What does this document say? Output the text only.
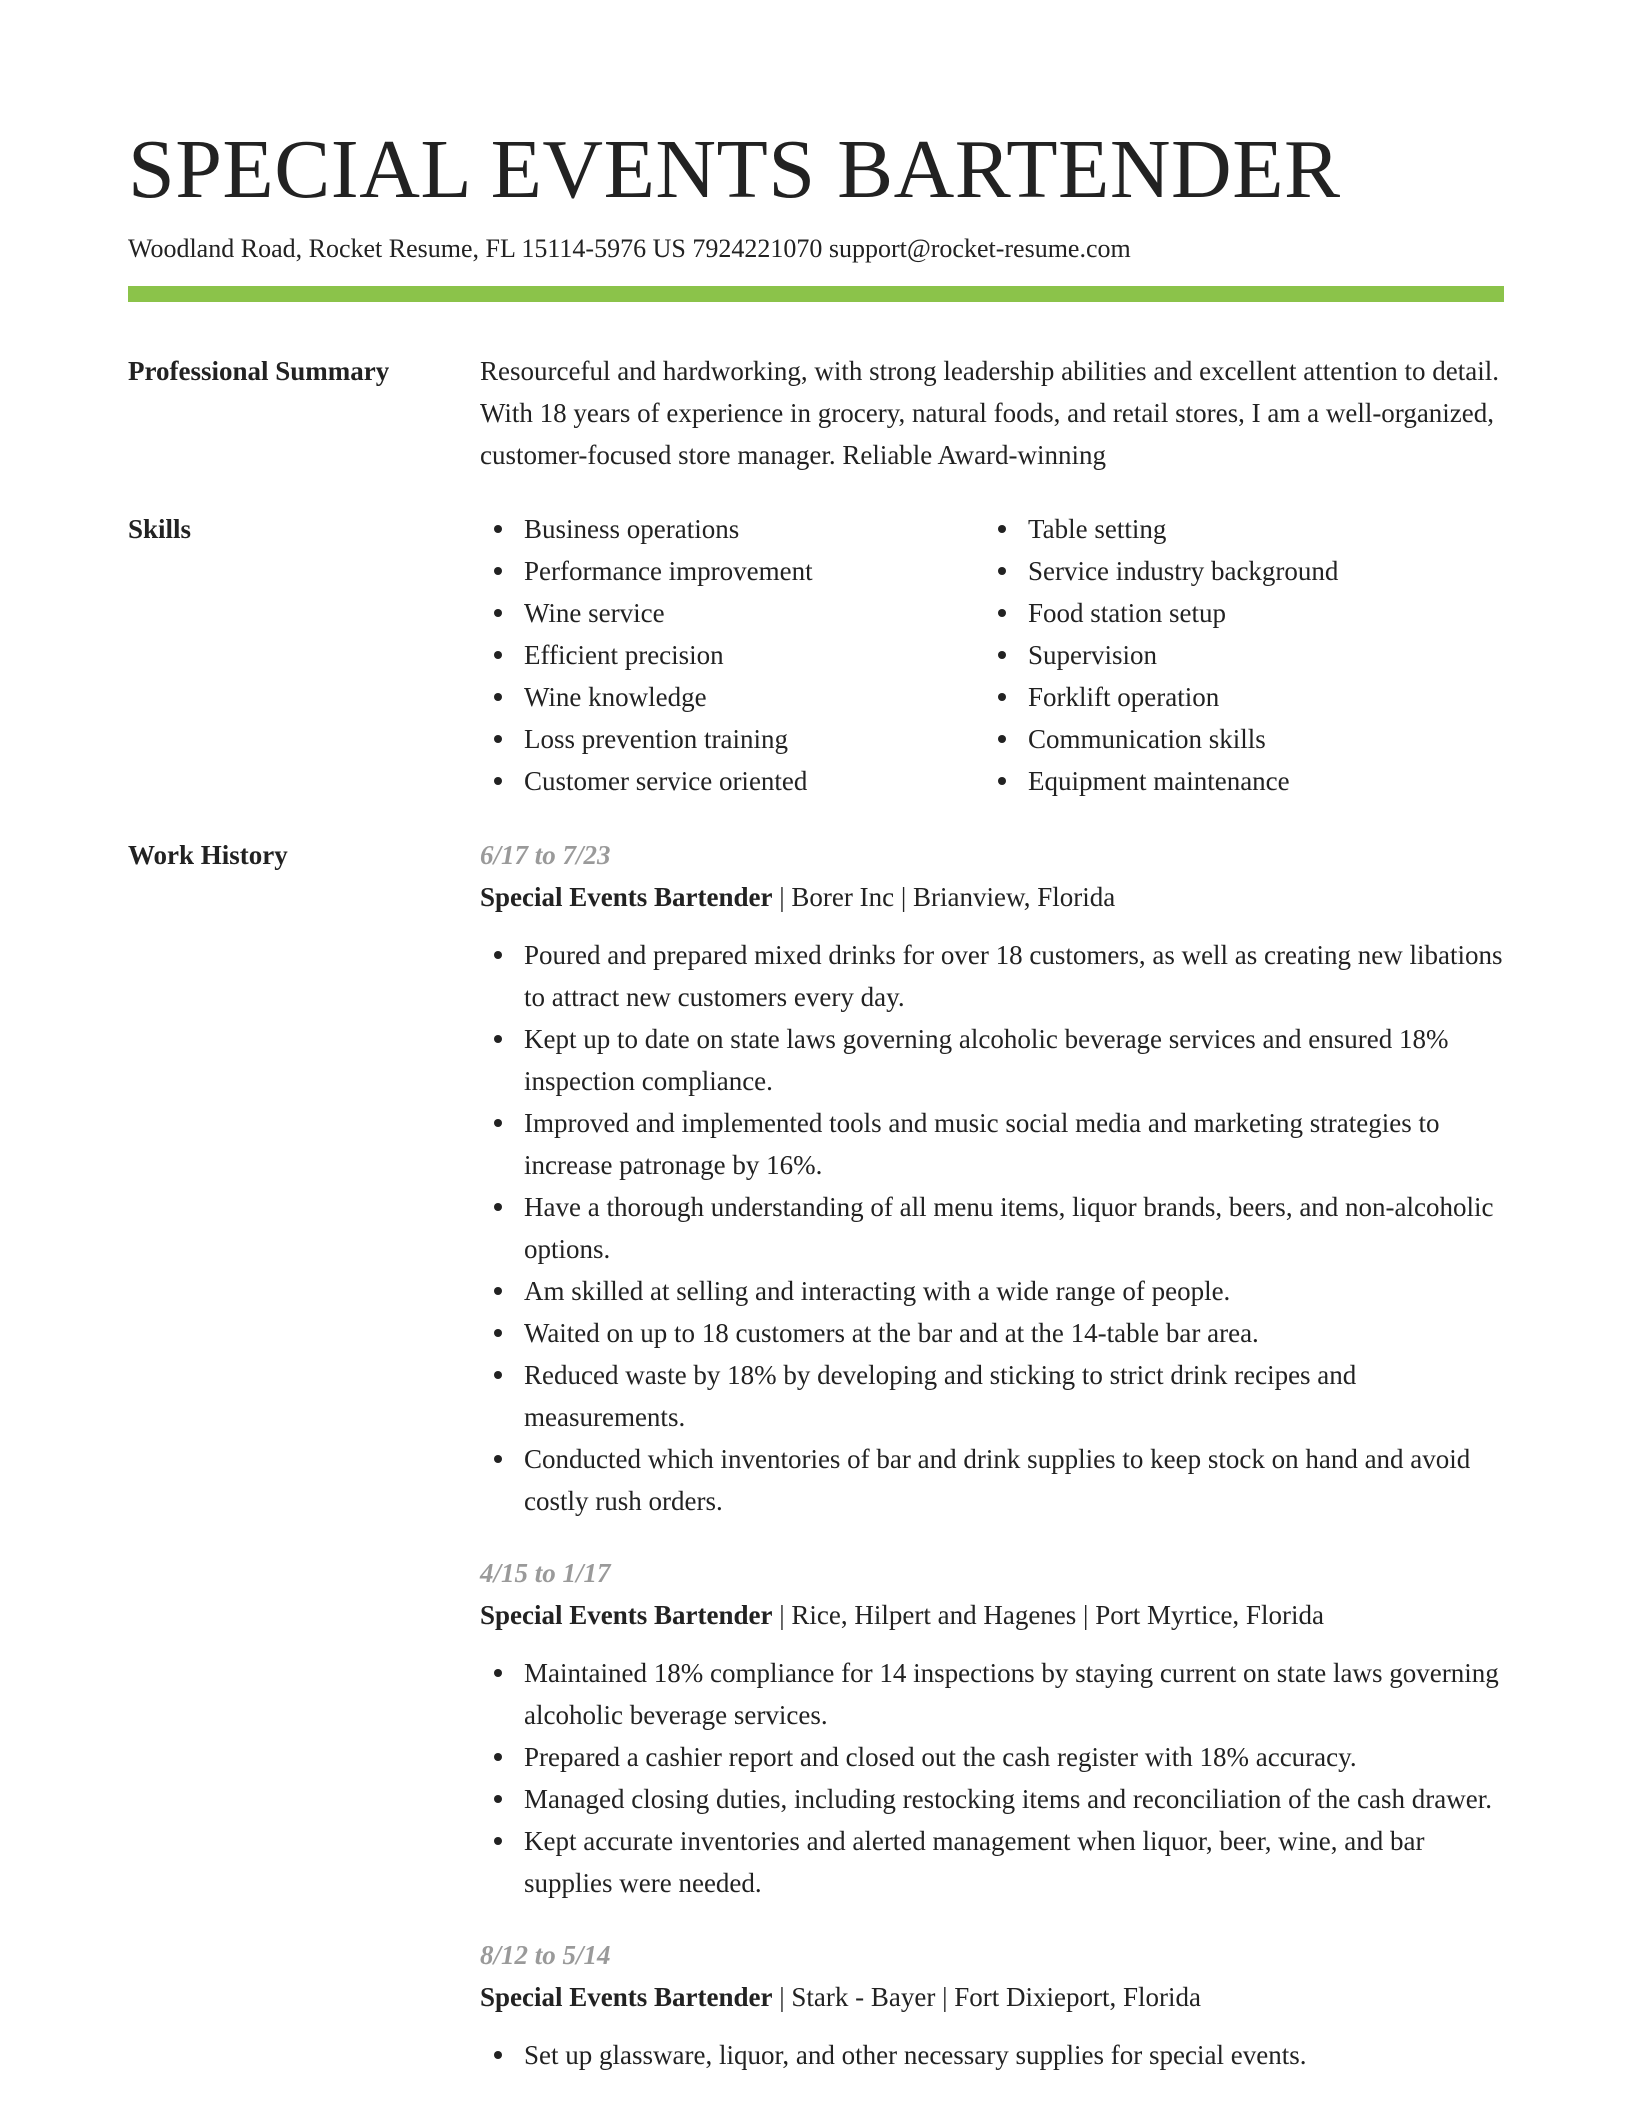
SPECIAL EVENTS BARTENDER
Woodland Road, Rocket Resume, FL 15114-5976 US 7924221070 support@rocket-resume.com
Professional Summary	Resourceful and hardworking, with strong leadership abilities and excellent attention to detail. With 18 years of experience in grocery, natural foods, and retail stores, I am a well-organized, customer-focused store manager. Reliable Award-winning

Skills	Business operations
Performance improvement
Wine service
Efficient precision
Wine knowledge
Loss prevention training
Customer service oriented
Table setting
Service industry background
Food station setup
Supervision
Forklift operation
Communication skills
Equipment maintenance
Work History	6/17 to 7/23
Special Events Bartender | Borer Inc | Brianview, Florida
Poured and prepared mixed drinks for over 18 customers, as well as creating new libations to attract new customers every day.
Kept up to date on state laws governing alcoholic beverage services and ensured 18% inspection compliance.
Improved and implemented tools and music social media and marketing strategies to increase patronage by 16%.
Have a thorough understanding of all menu items, liquor brands, beers, and non-alcoholic options.
Am skilled at selling and interacting with a wide range of people.
Waited on up to 18 customers at the bar and at the 14-table bar area.
Reduced waste by 18% by developing and sticking to strict drink recipes and measurements.
Conducted which inventories of bar and drink supplies to keep stock on hand and avoid costly rush orders.
4/15 to 1/17
Special Events Bartender | Rice, Hilpert and Hagenes | Port Myrtice, Florida
Maintained 18% compliance for 14 inspections by staying current on state laws governing alcoholic beverage services.
Prepared a cashier report and closed out the cash register with 18% accuracy.
Managed closing duties, including restocking items and reconciliation of the cash drawer.
Kept accurate inventories and alerted management when liquor, beer, wine, and bar supplies were needed.
8/12 to 5/14
Special Events Bartender | Stark - Bayer | Fort Dixieport, Florida
Set up glassware, liquor, and other necessary supplies for special events.
